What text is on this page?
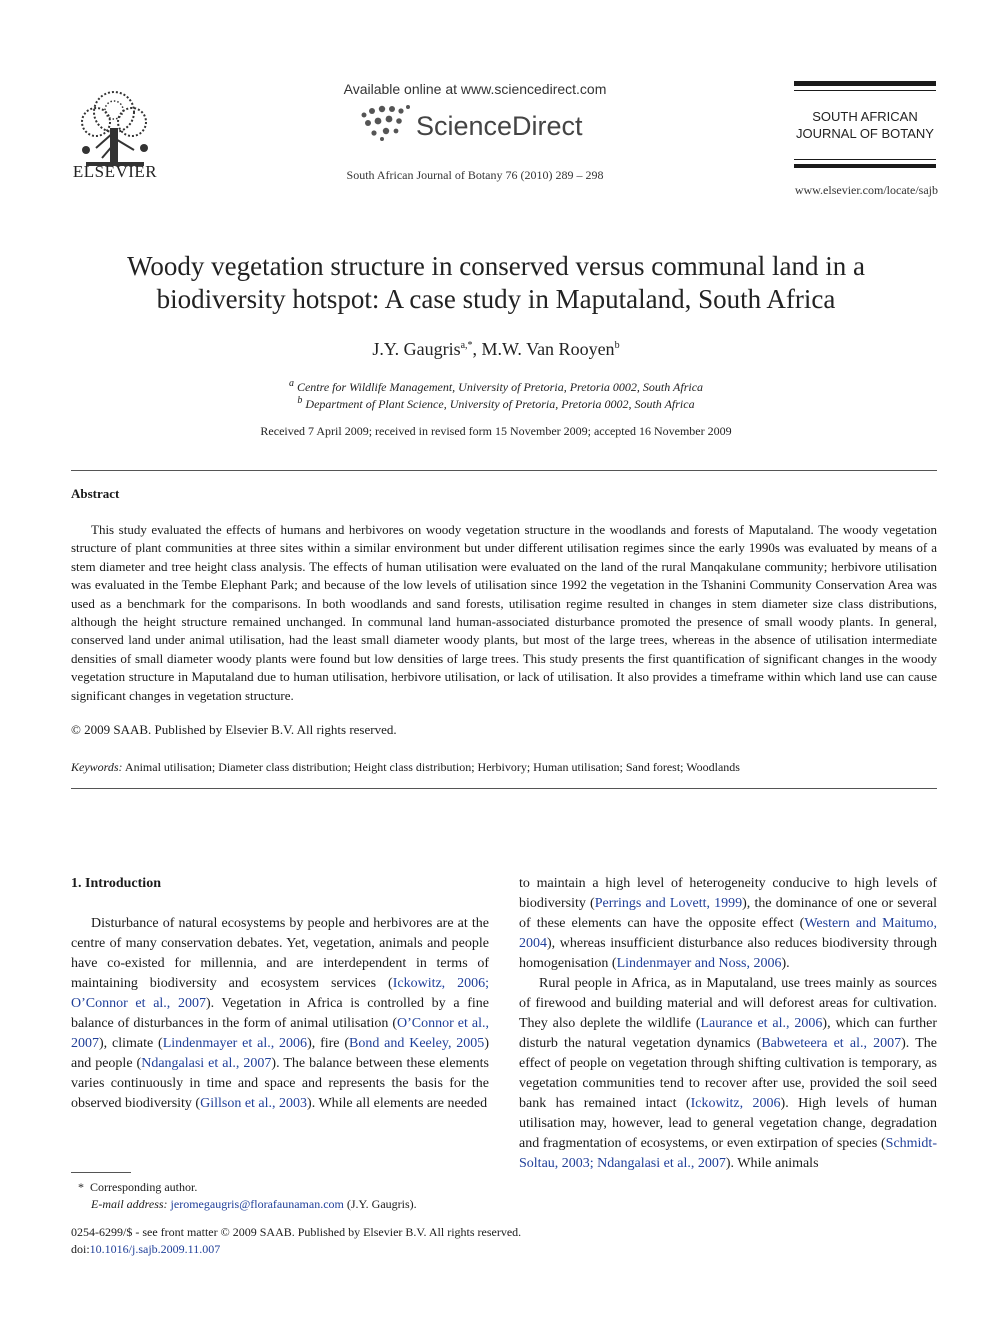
ELSEVIER
Available online at www.sciencedirect.com
ScienceDirect
South African Journal of Botany 76 (2010) 289 – 298
SOUTH AFRICAN
JOURNAL OF BOTANY
www.elsevier.com/locate/sajb
Woody vegetation structure in conserved versus communal land in a
biodiversity hotspot: A case study in Maputaland, South Africa
J.Y. Gaugris$^{a,*}$, M.W. Van Rooyen$^b$
$^a$ Centre for Wildlife Management, University of Pretoria, Pretoria 0002, South Africa
$^b$ Department of Plant Science, University of Pretoria, Pretoria 0002, South Africa
Received 7 April 2009; received in revised form 15 November 2009; accepted 16 November 2009
Abstract
This study evaluated the effects of humans and herbivores on woody vegetation structure in the woodlands and forests of Maputaland. The woody vegetation structure of plant communities at three sites within a similar environment but under different utilisation regimes since the early 1990s was evaluated by means of a stem diameter and tree height class analysis. The effects of human utilisation were evaluated on the land of the rural Manqakulane community; herbivore utilisation was evaluated in the Tembe Elephant Park; and because of the low levels of utilisation since 1992 the vegetation in the Tshanini Community Conservation Area was used as a benchmark for the comparisons. In both woodlands and sand forests, utilisation regime resulted in changes in stem diameter size class distributions, although the height structure remained unchanged. In communal land human-associated disturbance promoted the presence of small woody plants. In general, conserved land under animal utilisation, had the least small diameter woody plants, but most of the large trees, whereas in the absence of utilisation intermediate densities of small diameter woody plants were found but low densities of large trees. This study presents the first quantification of significant changes in the woody vegetation structure in Maputaland due to human utilisation, herbivore utilisation, or lack of utilisation. It also provides a timeframe within which land use can cause significant changes in vegetation structure.
© 2009 SAAB. Published by Elsevier B.V. All rights reserved.
Keywords: Animal utilisation; Diameter class distribution; Height class distribution; Herbivory; Human utilisation; Sand forest; Woodlands

1. Introduction

Disturbance of natural ecosystems by people and herbivores are at the centre of many conservation debates. Yet, vegetation, animals and people have co-existed for millennia, and are interdependent in terms of maintaining biodiversity and ecosystem services (Ickowitz, 2006; O’Connor et al., 2007). Vegetation in Africa is controlled by a fine balance of disturbances in the form of animal utilisation (O’Connor et al., 2007), climate (Lindenmayer et al., 2006), fire (Bond and Keeley, 2005) and people (Ndangalasi et al., 2007). The balance between these elements varies continuously in time and space and represents the basis for the observed biodiversity (Gillson et al., 2003). While all elements are needed

to maintain a high level of heterogeneity conducive to high levels of biodiversity (Perrings and Lovett, 1999), the dominance of one or several of these elements can have the opposite effect (Western and Maitumo, 2004), whereas insufficient disturbance also reduces biodiversity through homogenisation (Lindenmayer and Noss, 2006).

Rural people in Africa, as in Maputaland, use trees mainly as sources of firewood and building material and will deforest areas for cultivation. They also deplete the wildlife (Laurance et al., 2006), which can further disturb the natural vegetation dynamics (Babweteera et al., 2007). The effect of people on vegetation through shifting cultivation is temporary, as vegetation communities tend to recover after use, provided the soil seed bank has remained intact (Ickowitz, 2006). High levels of human utilisation may, however, lead to general vegetation change, degradation and fragmentation of ecosystems, or even extirpation of species (Schmidt-Soltau, 2003; Ndangalasi et al., 2007). While animals

* Corresponding author.
E-mail address: jeromegaugris@florafaunaman.com (J.Y. Gaugris).
0254-6299/$ - see front matter © 2009 SAAB. Published by Elsevier B.V. All rights reserved.
doi:10.1016/j.sajb.2009.11.007
